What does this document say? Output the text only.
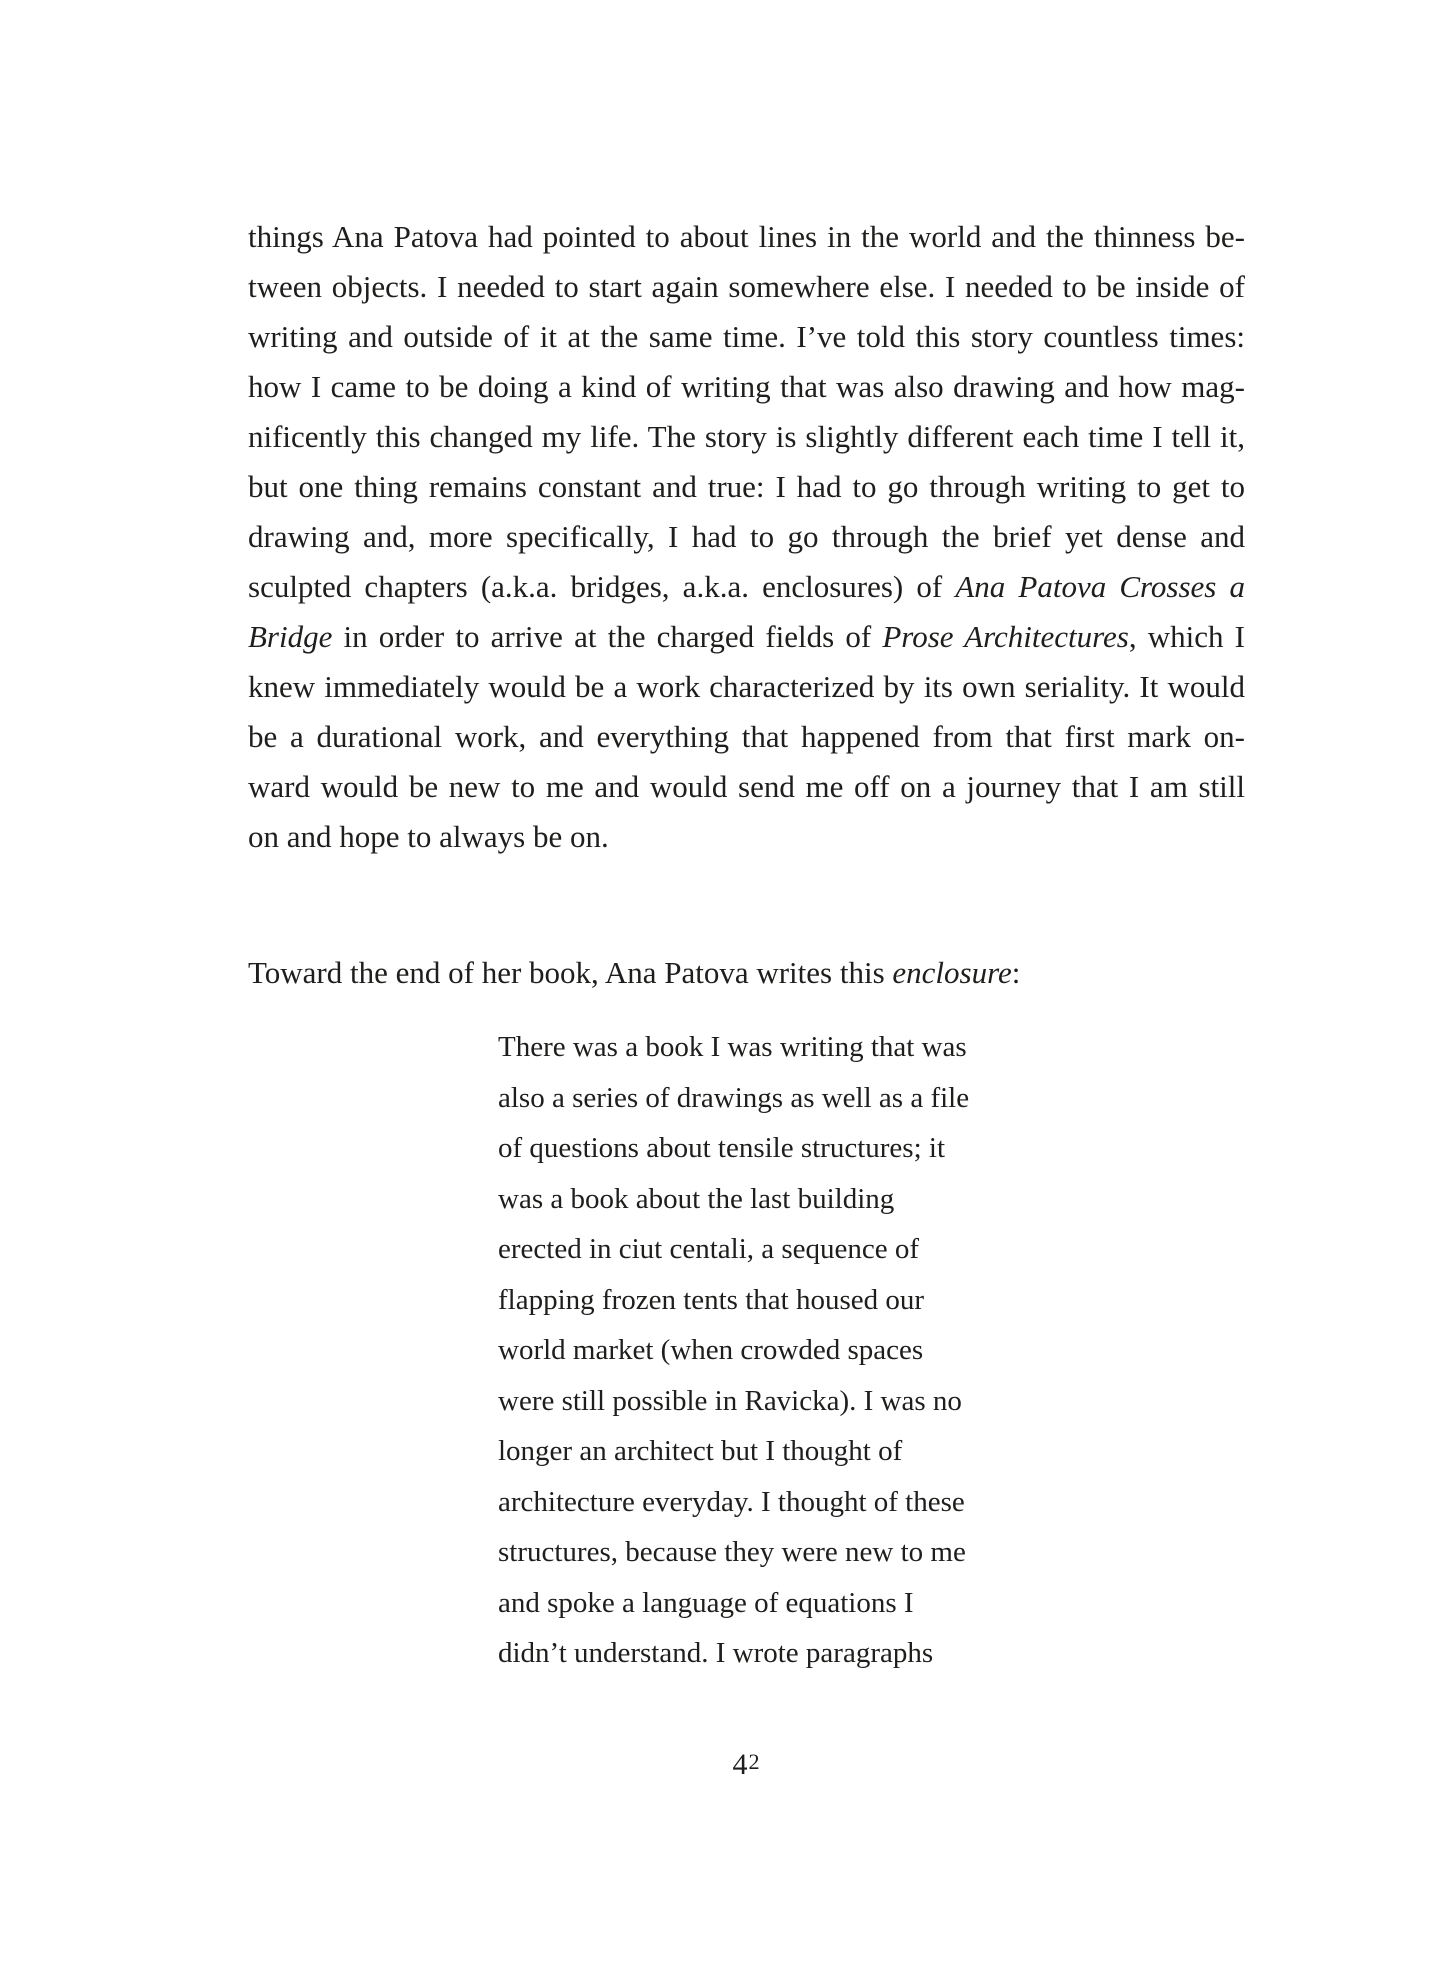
things Ana Patova had pointed to about lines in the world and the thinness be-
tween objects. I needed to start again somewhere else. I needed to be inside of
writing and outside of it at the same time. I’ve told this story countless times:
how I came to be doing a kind of writing that was also drawing and how mag-
nificently this changed my life. The story is slightly different each time I tell it,
but one thing remains constant and true: I had to go through writing to get to
drawing and, more specifically, I had to go through the brief yet dense and
sculpted chapters (a.k.a. bridges, a.k.a. enclosures) of Ana Patova Crosses a
Bridge in order to arrive at the charged fields of Prose Architectures, which I
knew immediately would be a work characterized by its own seriality. It would
be a durational work, and everything that happened from that first mark on-
ward would be new to me and would send me off on a journey that I am still
on and hope to always be on.

Toward the end of her book, Ana Patova writes this enclosure:

There was a book I was writing that was
also a series of drawings as well as a file
of questions about tensile structures; it
was a book about the last building
erected in ciut centali, a sequence of
flapping frozen tents that housed our
world market (when crowded spaces
were still possible in Ravicka). I was no
longer an architect but I thought of
architecture everyday. I thought of these
structures, because they were new to me
and spoke a language of equations I
didn’t understand. I wrote paragraphs
42
